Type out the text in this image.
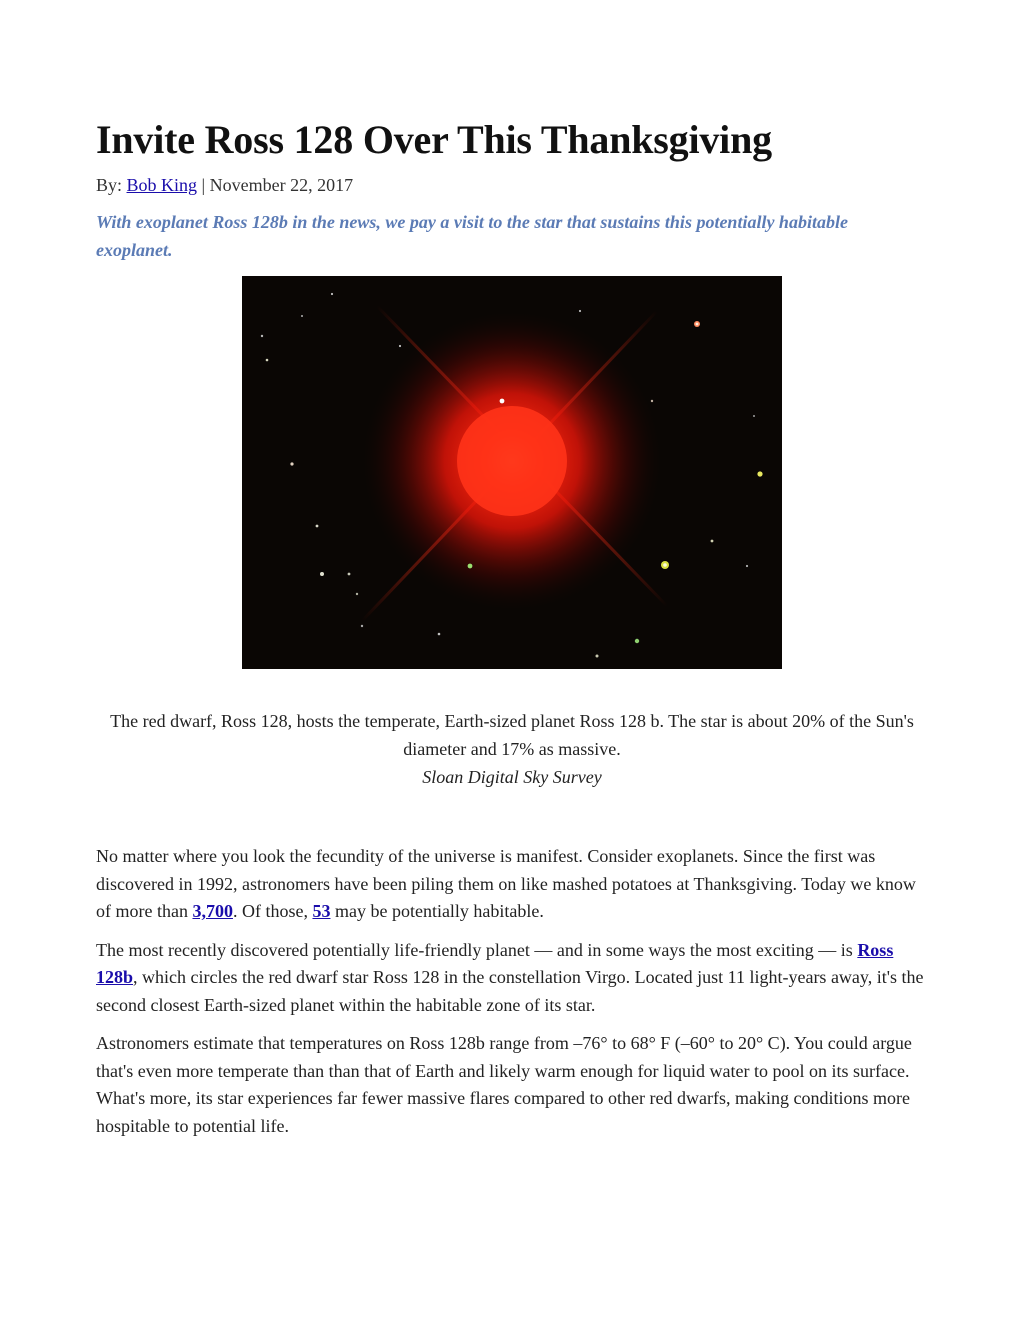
Invite Ross 128 Over This Thanksgiving
By: Bob King | November 22, 2017
With exoplanet Ross 128b in the news, we pay a visit to the star that sustains this potentially habitable exoplanet.
The red dwarf, Ross 128, hosts the temperate, Earth-sized planet Ross 128 b. The star is about 20% of the Sun's diameter and 17% as massive.
Sloan Digital Sky Survey

No matter where you look the fecundity of the universe is manifest. Consider exoplanets. Since the first was discovered in 1992, astronomers have been piling them on like mashed potatoes at Thanksgiving. Today we know of more than 3,700. Of those, 53 may be potentially habitable.

The most recently discovered potentially life-friendly planet — and in some ways the most exciting — is Ross 128b, which circles the red dwarf star Ross 128 in the constellation Virgo. Located just 11 light-years away, it's the second closest Earth-sized planet within the habitable zone of its star.

Astronomers estimate that temperatures on Ross 128b range from –76° to 68° F (–60° to 20° C). You could argue that's even more temperate than than that of Earth and likely warm enough for liquid water to pool on its surface. What's more, its star experiences far fewer massive flares compared to other red dwarfs, making conditions more hospitable to potential life.
